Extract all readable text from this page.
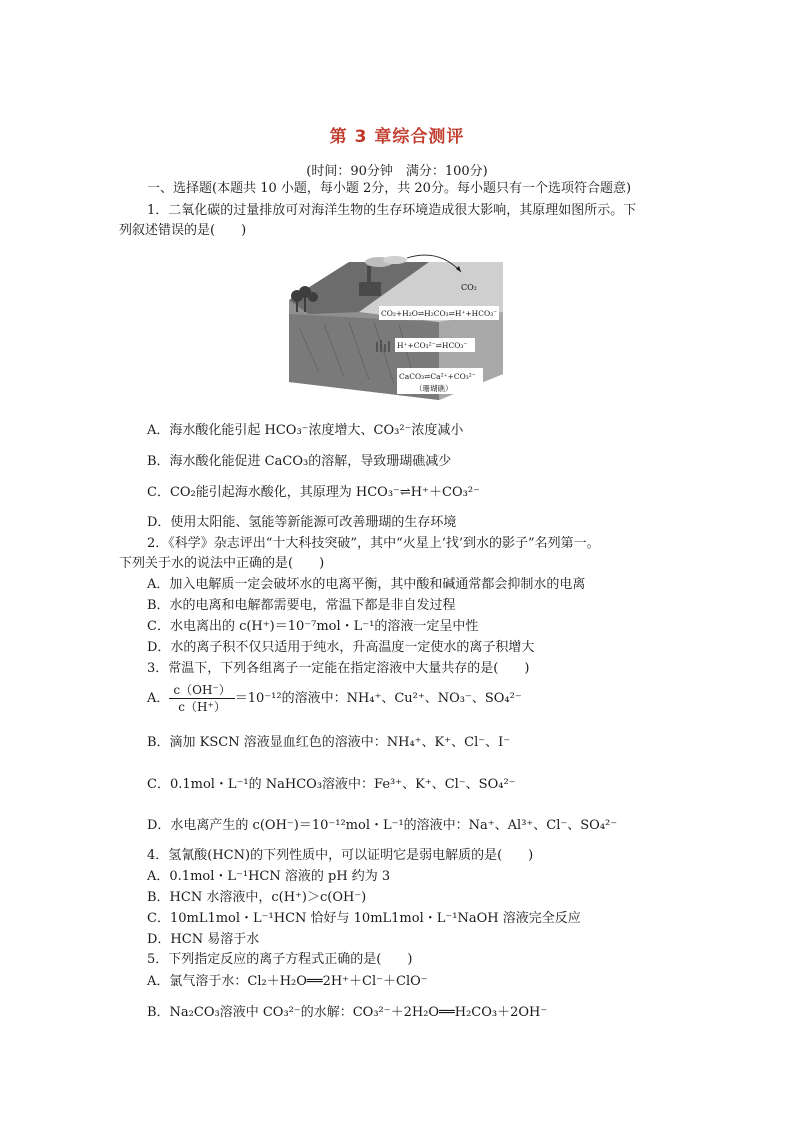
第 3 章综合测评
(时间：90分钟　满分：100分)
一、选择题(本题共 10 小题，每小题 2分，共 20分。每小题只有一个选项符合题意)
1．二氧化碳的过量排放可对海洋生物的生存环境造成很大影响，其原理如图所示。下
列叙述错误的是(　　)
CO₂
CO₂+H₂O⇌H₂CO₃⇌H⁺+HCO₃⁻
H⁺+CO₃²⁻⇌HCO₃⁻
CaCO₃⇌Ca²⁺+CO₃²⁻
（珊瑚礁）
A．海水酸化能引起 HCO₃⁻浓度增大、CO₃²⁻浓度减小
B．海水酸化能促进 CaCO₃的溶解，导致珊瑚礁减少
C．CO₂能引起海水酸化，其原理为 HCO₃⁻⇌H⁺＋CO₃²⁻
D．使用太阳能、氢能等新能源可改善珊瑚的生存环境
2．《科学》杂志评出“十大科技突破”，其中“火星上‘找’到水的影子”名列第一。
下列关于水的说法中正确的是(　　)
A．加入电解质一定会破坏水的电离平衡，其中酸和碱通常都会抑制水的电离
B．水的电离和电解都需要电，常温下都是非自发过程
C．水电离出的 c(H⁺)＝10⁻⁷mol・L⁻¹的溶液一定呈中性
D．水的离子积不仅只适用于纯水，升高温度一定使水的离子积增大
3．常温下，下列各组离子一定能在指定溶液中大量共存的是(　　)
A． $\frac{c(OH^-)}{c(H^+)} =10^{-12}$的溶液中：NH₄⁺、Cu²⁺、NO₃⁻、SO₄²⁻
B．滴加 KSCN 溶液显血红色的溶液中：NH₄⁺、K⁺、Cl⁻、I⁻
C．0.1mol・L⁻¹的 NaHCO₃溶液中：Fe³⁺、K⁺、Cl⁻、SO₄²⁻
D．水电离产生的 c(OH⁻)＝10⁻¹²mol・L⁻¹的溶液中：Na⁺、Al³⁺、Cl⁻、SO₄²⁻
4．氢氰酸(HCN)的下列性质中，可以证明它是弱电解质的是(　　)
A．0.1mol・L⁻¹HCN 溶液的 pH 约为 3
B．HCN 水溶液中，c(H⁺)＞c(OH⁻)
C．10mL1mol・L⁻¹HCN 恰好与 10mL1mol・L⁻¹NaOH 溶液完全反应
D．HCN 易溶于水
5．下列指定反应的离子方程式正确的是(　　)
A．氯气溶于水：Cl₂＋H₂O══2H⁺＋Cl⁻＋ClO⁻
B．Na₂CO₃溶液中 CO₃²⁻的水解：CO₃²⁻＋2H₂O══H₂CO₃＋2OH⁻
